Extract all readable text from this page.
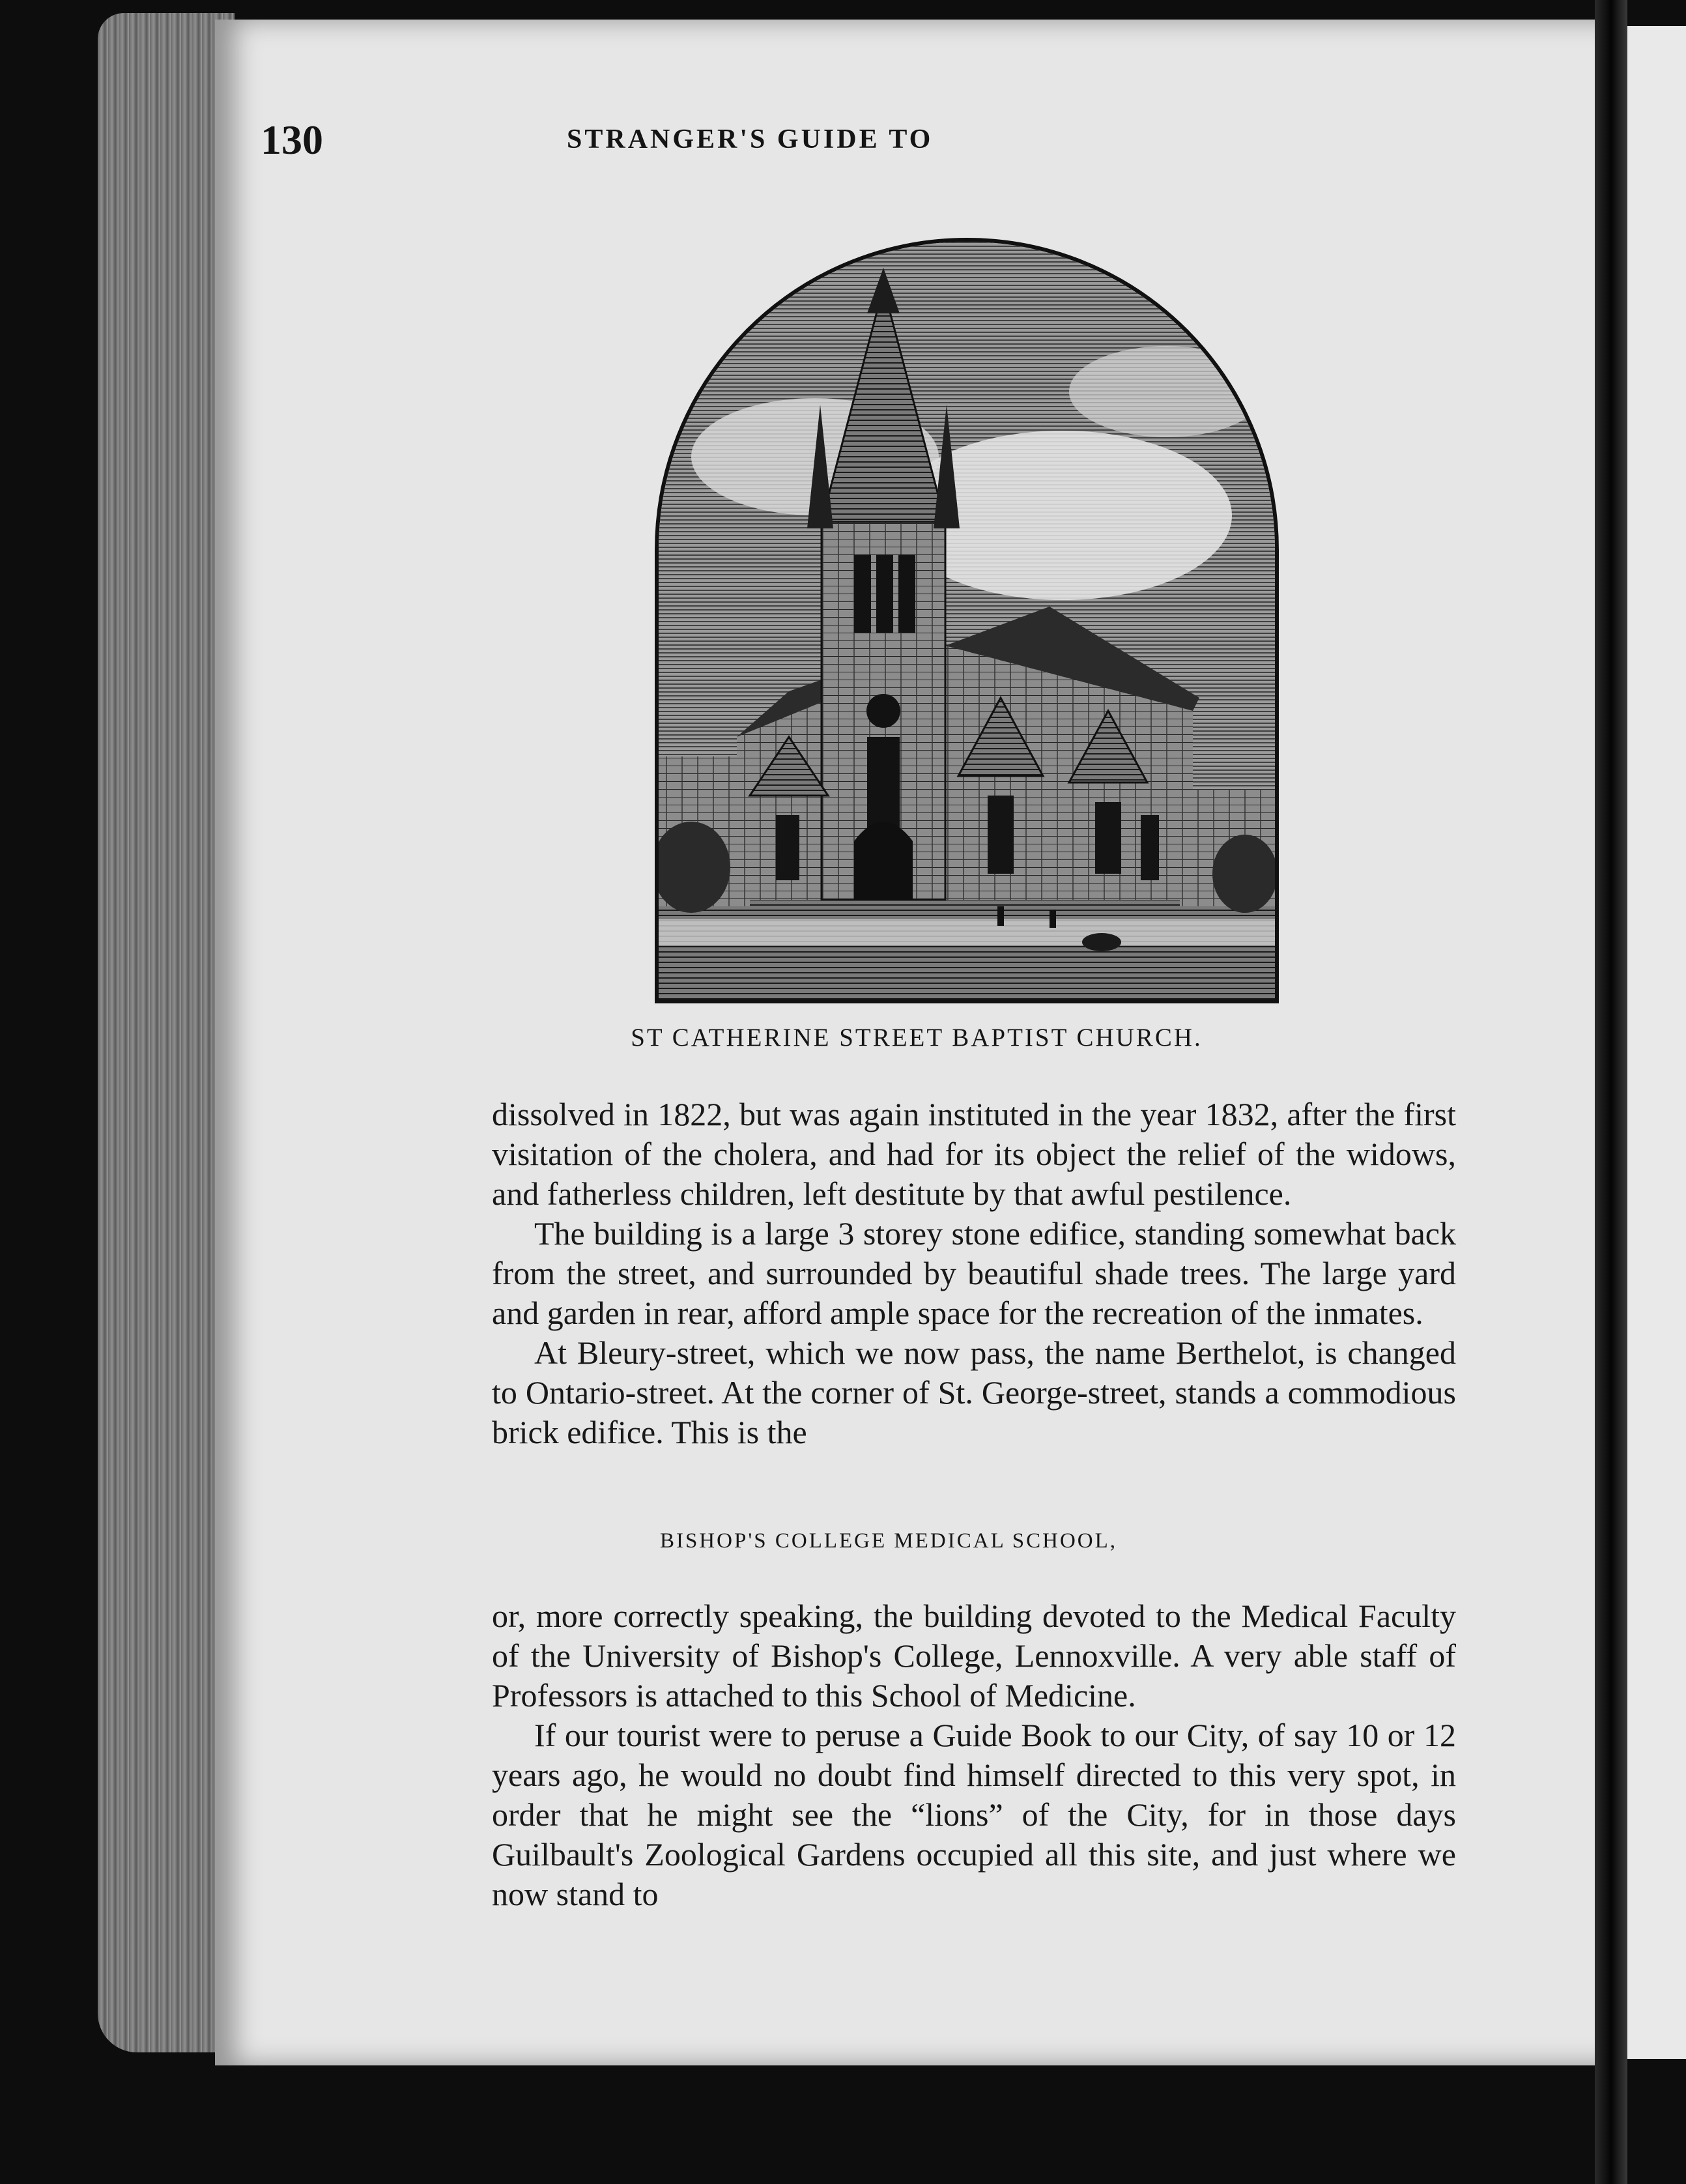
130	STRANGER'S GUIDE TO
ST CATHERINE STREET BAPTIST CHURCH.

dissolved in 1822, but was again instituted in the year 1832, after the first visitation of the cholera, and had for its object the relief of the widows, and fatherless children, left destitute by that awful pestilence.

The building is a large 3 storey stone edifice, standing somewhat back from the street, and surrounded by beautiful shade trees. The large yard and garden in rear, afford ample space for the recreation of the inmates.

At Bleury-street, which we now pass, the name Berthelot, is changed to Ontario-street. At the corner of St. George-street, stands a commodious brick edifice. This is the

BISHOP'S COLLEGE MEDICAL SCHOOL,

or, more correctly speaking, the building devoted to the Medical Faculty of the University of Bishop's College, Lennoxville. A very able staff of Professors is attached to this School of Medicine.

If our tourist were to peruse a Guide Book to our City, of say 10 or 12 years ago, he would no doubt find himself directed to this very spot, in order that he might see the “lions” of the City, for in those days Guilbault's Zoological Gardens occupied all this site, and just where we now stand to
